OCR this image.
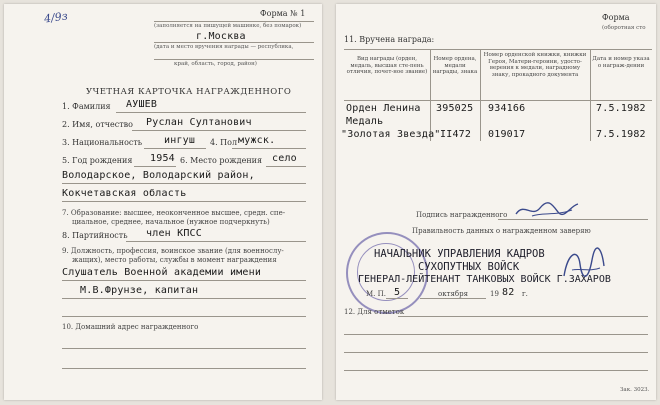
4/9з	Форма № 1
(заполняется на пишущей машинке, без помарок)
г.Москва
(дата и место вручения награды — республика,
край, область, город, район)
УЧЕТНАЯ КАРТОЧКА НАГРАЖДЕННОГО
1. Фамилия АУШЕВ
2. Имя, отчество Руслан Султанович
3. Национальность ингуш 4. Пол мужск.
5. Год рождения 1954 6. Место рождения село
Володарское, Володарский район,
Кокчетавская область
7. Образование: высшее, неоконченное высшее, средн. спе-
циальное, среднее, начальное (нужное подчеркнуть)
8. Партийность член КПСС
9. Должность, профессия, воинское звание (для военнослу-
жащих), место работы, службы в момент награждения
Слушатель Военной академии имени
М.В.Фрунзе, капитан
10. Домашний адрес награжденного
Форма
(оборотная сто
11. Вручена награда:
Вид награды (орден, медаль, высшая сте-пень отличия, почет-ное звание)
Номер ордена, медали награды, знака
Номер орденской книжки, книжки Героя, Матери-героини, удосто-верения к медали, наградному знаку, прокадного документа
Дата и номер указа о награж-дении
Орден Ленина 395025 934166	7.5.1982
Медаль
"Золотая Звезда" II472 019017	7.5.1982
Подпись награжденного
Правильность данных о награжденном заверяю
НАЧАЛЬНИК УПРАВЛЕНИЯ КАДРОВ
СУХОПУТНЫХ ВОЙСК
ГЕНЕРАЛ-ЛЕЙТЕНАНТ ТАНКОВЫХ ВОЙСК Г.ЗАХАРОВ
М. П. 5	октября	19 82 г.
12. Для отметок
Зак. 3023.
